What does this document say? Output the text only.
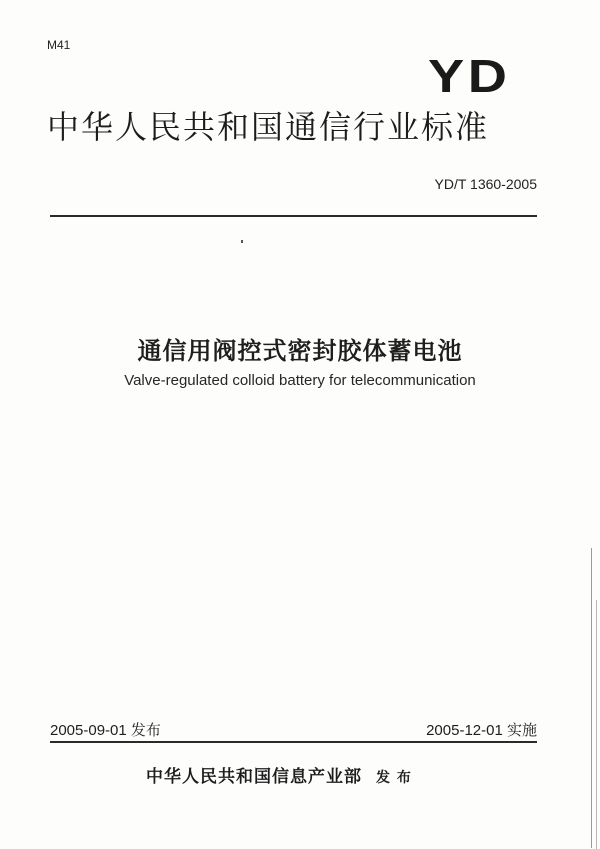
M41
YD
中华人民共和国通信行业标准
YD/T 1360-2005
通信用阀控式密封胶体蓄电池
Valve-regulated colloid battery for telecommunication
2005-09-01 发布	2005-12-01 实施
中华人民共和国信息产业部 发 布
